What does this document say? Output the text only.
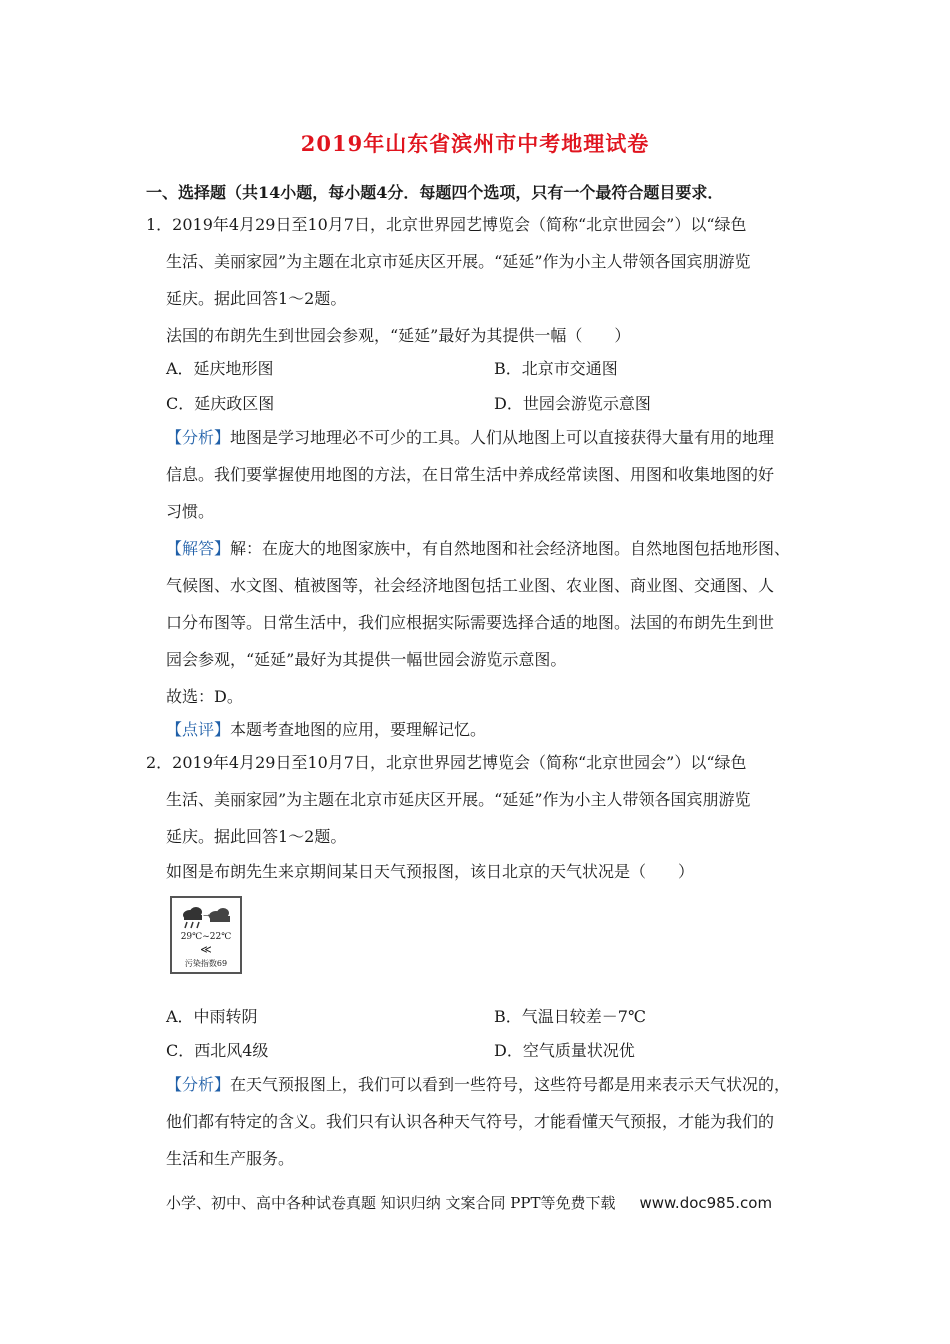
2019年山东省滨州市中考地理试卷
一、选择题（共14小题，每小题4分．每题四个选项，只有一个最符合题目要求．
1．2019年4月29日至10月7日，北京世界园艺博览会（简称“北京世园会”）以“绿色
生活、美丽家园”为主题在北京市延庆区开展。“延延”作为小主人带领各国宾朋游览
延庆。据此回答1～2题。
法国的布朗先生到世园会参观，“延延”最好为其提供一幅（　　）
A．延庆地形图	B．北京市交通图
C．延庆政区图	D．世园会游览示意图
【分析】地图是学习地理必不可少的工具。人们从地图上可以直接获得大量有用的地理
信息。我们要掌握使用地图的方法，在日常生活中养成经常读图、用图和收集地图的好
习惯。
【解答】解：在庞大的地图家族中，有自然地图和社会经济地图。自然地图包括地形图、
气候图、水文图、植被图等，社会经济地图包括工业图、农业图、商业图、交通图、人
口分布图等。日常生活中，我们应根据实际需要选择合适的地图。法国的布朗先生到世
园会参观，“延延”最好为其提供一幅世园会游览示意图。
故选：D。
【点评】本题考查地图的应用，要理解记忆。
2．2019年4月29日至10月7日，北京世界园艺博览会（简称“北京世园会”）以“绿色
生活、美丽家园”为主题在北京市延庆区开展。“延延”作为小主人带领各国宾朋游览
延庆。据此回答1～2题。
如图是布朗先生来京期间某日天气预报图，该日北京的天气状况是（　　）
→
29℃~22℃
≪
污染指数69
A．中雨转阴	B．气温日较差－7℃
C．西北风4级	D．空气质量状况优
【分析】在天气预报图上，我们可以看到一些符号，这些符号都是用来表示天气状况的，
他们都有特定的含义。我们只有认识各种天气符号，才能看懂天气预报，才能为我们的
生活和生产服务。
小学、初中、高中各种试卷真题 知识归纳 文案合同 PPT等免费下载 www.doc985.com
